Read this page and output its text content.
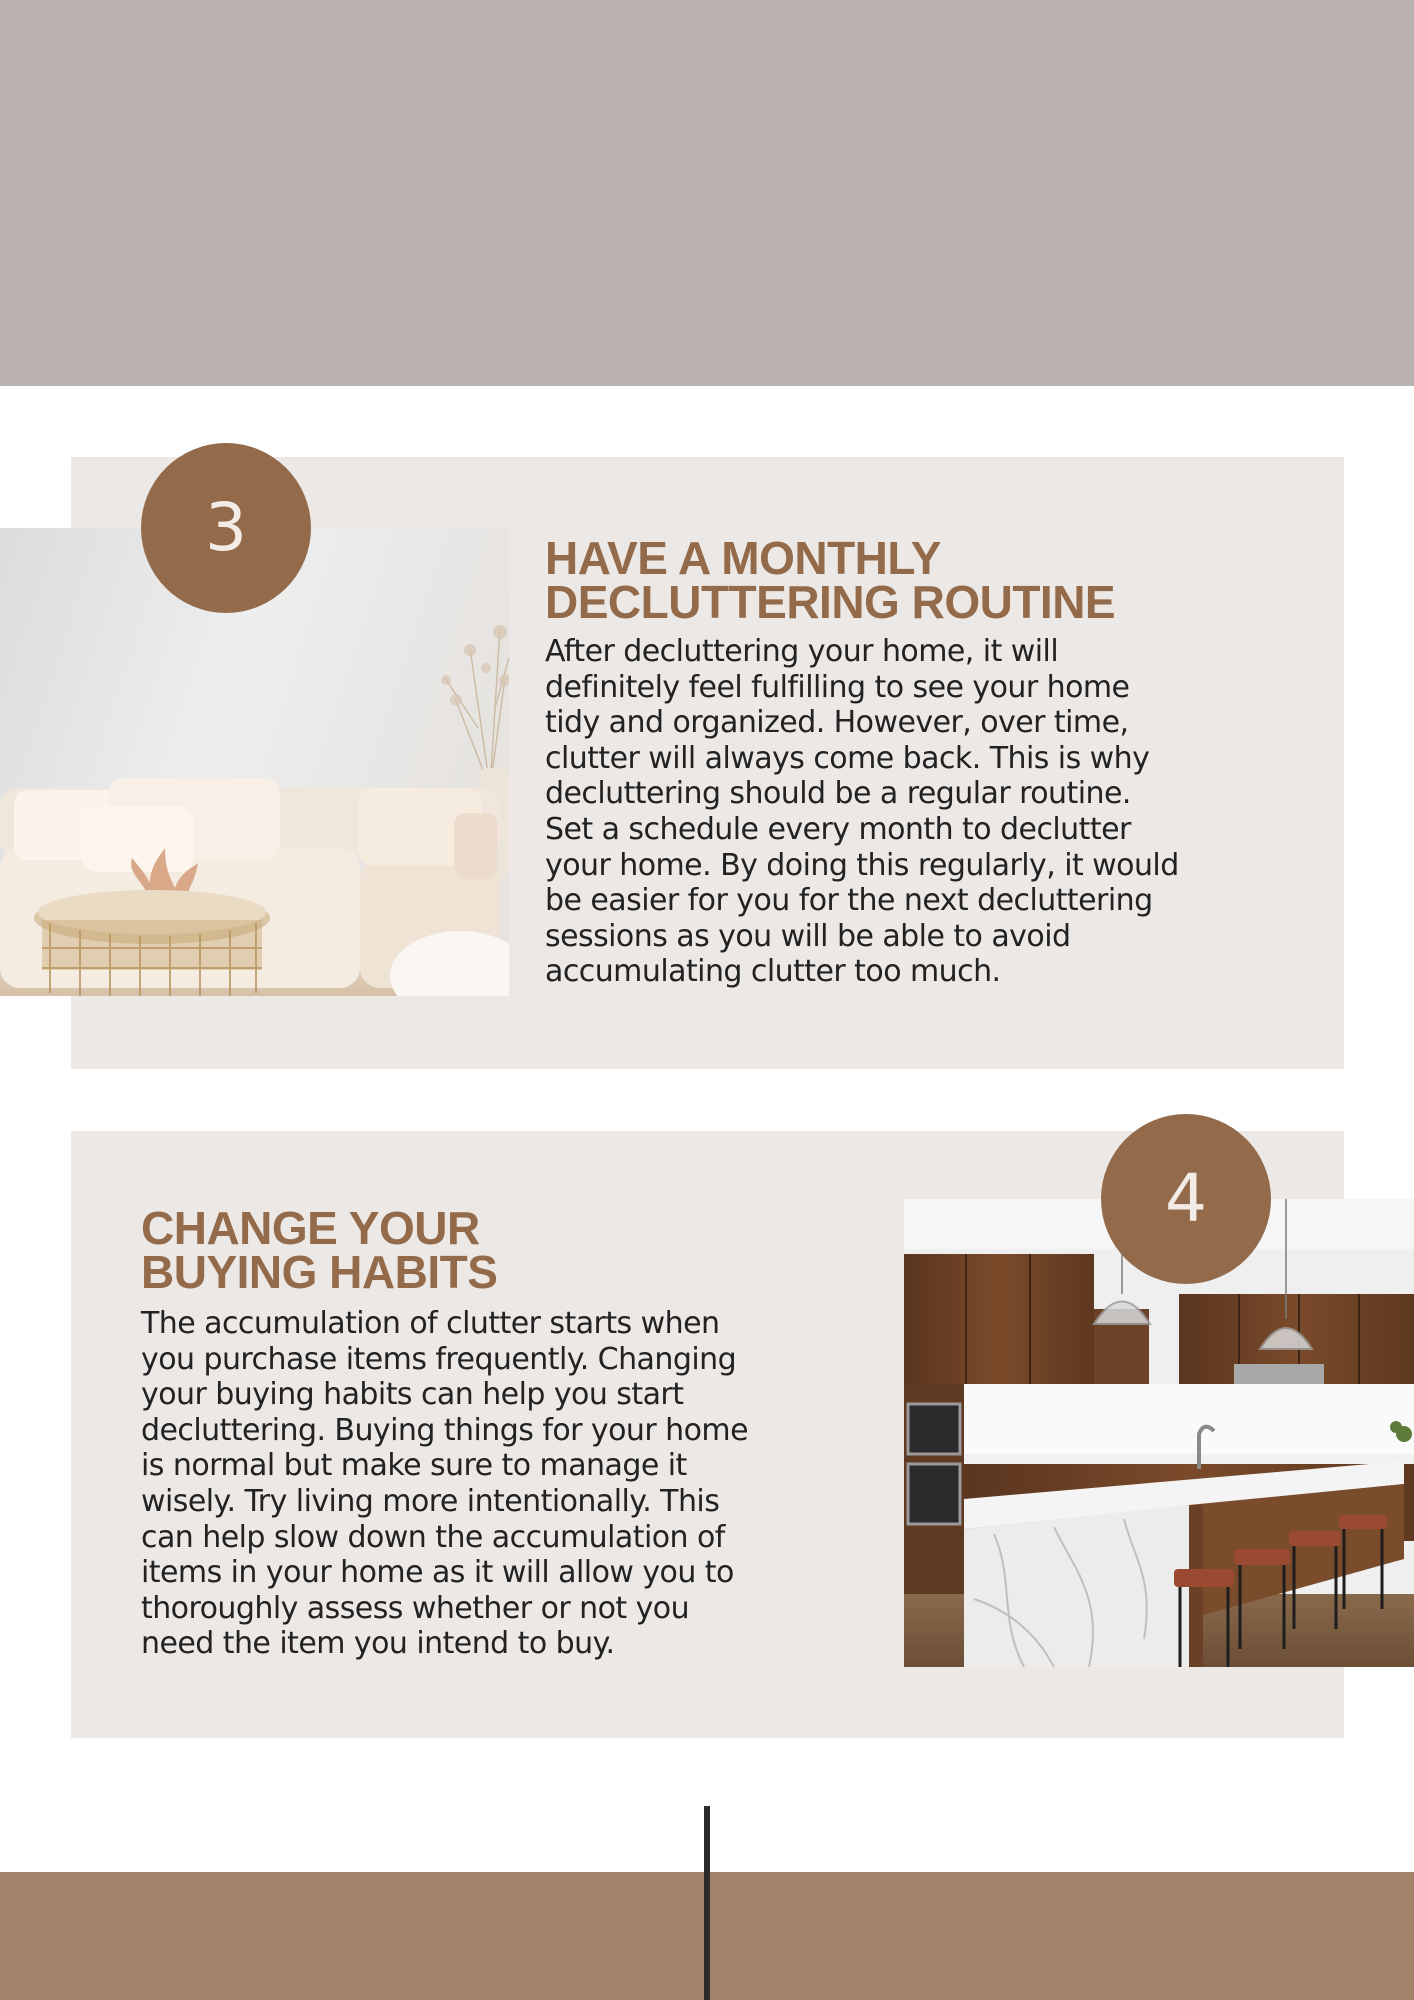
3	HAVE A MONTHLY
DECLUTTERING ROUTINE
After decluttering your home, it will
definitely feel fulfilling to see your home
tidy and organized. However, over time,
clutter will always come back. This is why
decluttering should be a regular routine.
Set a schedule every month to declutter
your home. By doing this regularly, it would
be easier for you for the next decluttering
sessions as you will be able to avoid
accumulating clutter too much.
4
CHANGE YOUR
BUYING HABITS
The accumulation of clutter starts when
you purchase items frequently. Changing
your buying habits can help you start
decluttering. Buying things for your home
is normal but make sure to manage it
wisely. Try living more intentionally. This
can help slow down the accumulation of
items in your home as it will allow you to
thoroughly assess whether or not you
need the item you intend to buy.
